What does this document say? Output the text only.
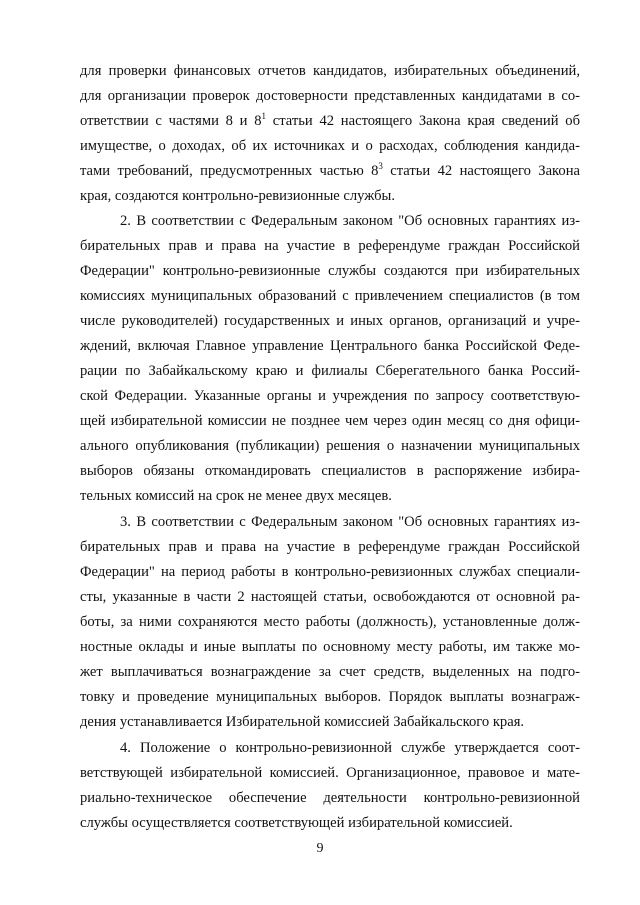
для проверки финансовых отчетов кандидатов, избирательных объединений,
для организации проверок достоверности представленных кандидатами в со-
ответствии с частями 8 и $8^1$ статьи 42 настоящего Закона края сведений об
имуществе, о доходах, об их источниках и о расходах, соблюдения кандида-
тами требований, предусмотренных частью $8^3$ статьи 42 настоящего Закона
края, создаются контрольно-ревизионные службы.
2. В соответствии с Федеральным законом "Об основных гарантиях из-
бирательных прав и права на участие в референдуме граждан Российской
Федерации" контрольно-ревизионные службы создаются при избирательных
комиссиях муниципальных образований с привлечением специалистов (в том
числе руководителей) государственных и иных органов, организаций и учре-
ждений, включая Главное управление Центрального банка Российской Феде-
рации по Забайкальскому краю и филиалы Сберегательного банка Россий-
ской Федерации. Указанные органы и учреждения по запросу соответствую-
щей избирательной комиссии не позднее чем через один месяц со дня офици-
ального опубликования (публикации) решения о назначении муниципальных
выборов обязаны откомандировать специалистов в распоряжение избира-
тельных комиссий на срок не менее двух месяцев.
3. В соответствии с Федеральным законом "Об основных гарантиях из-
бирательных прав и права на участие в референдуме граждан Российской
Федерации" на период работы в контрольно-ревизионных службах специали-
сты, указанные в части 2 настоящей статьи, освобождаются от основной ра-
боты, за ними сохраняются место работы (должность), установленные долж-
ностные оклады и иные выплаты по основному месту работы, им также мо-
жет выплачиваться вознаграждение за счет средств, выделенных на подго-
товку и проведение муниципальных выборов. Порядок выплаты вознаграж-
дения устанавливается Избирательной комиссией Забайкальского края.
4. Положение о контрольно-ревизионной службе утверждается соот-
ветствующей избирательной комиссией. Организационное, правовое и мате-
риально-техническое обеспечение деятельности контрольно-ревизионной
службы осуществляется соответствующей избирательной комиссией.
9
